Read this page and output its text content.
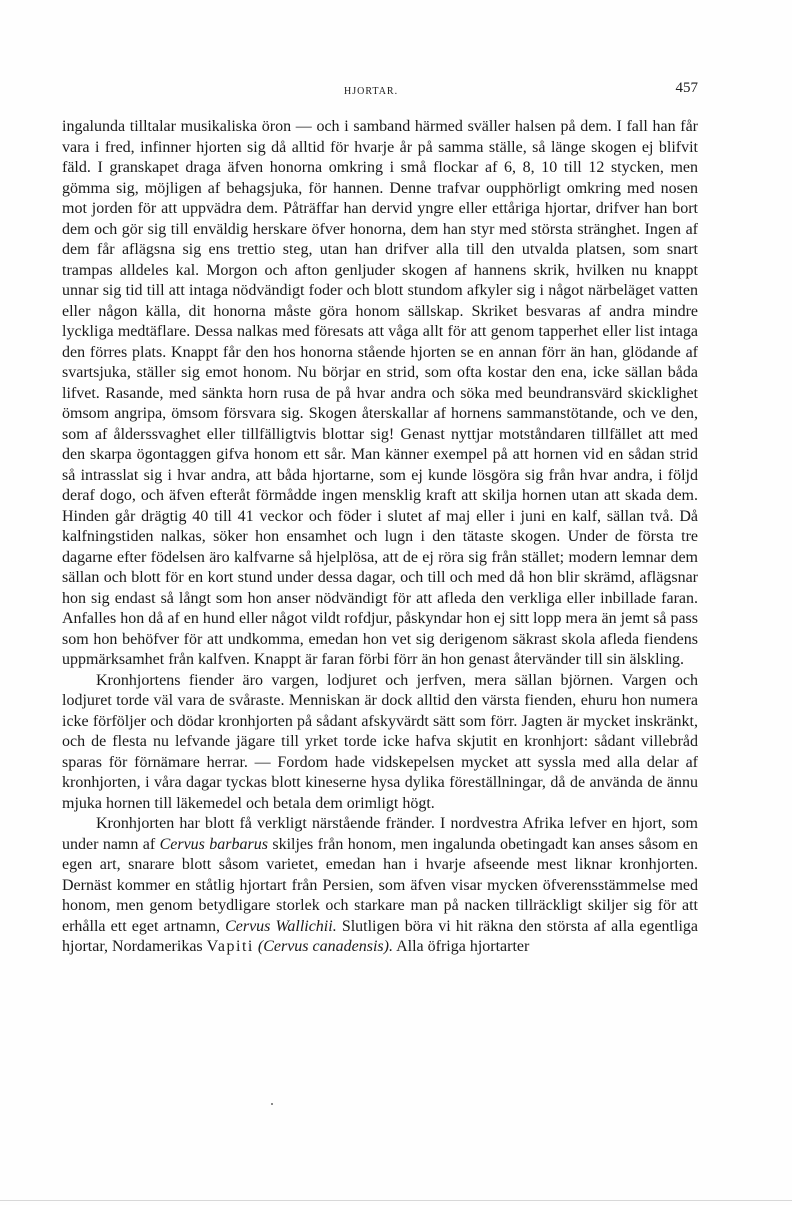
HJORTAR.	457

ingalunda tilltalar musikaliska öron — och i samband härmed sväller halsen på dem. I fall han får vara i fred, infinner hjorten sig då alltid för hvarje år på samma ställe, så länge skogen ej blifvit fäld. I granskapet draga äfven honorna omkring i små flockar af 6, 8, 10 till 12 stycken, men gömma sig, möjligen af behagsjuka, för hannen. Denne trafvar oupphörligt omkring med nosen mot jorden för att uppvädra dem. Påträffar han dervid yngre eller ettåriga hjortar, drifver han bort dem och gör sig till enväldig herskare öfver honorna, dem han styr med största stränghet. Ingen af dem får aflägsna sig ens trettio steg, utan han drifver alla till den utvalda platsen, som snart trampas alldeles kal. Morgon och afton genljuder skogen af hannens skrik, hvilken nu knappt unnar sig tid till att intaga nödvändigt foder och blott stundom afkyler sig i något närbeläget vatten eller någon källa, dit honorna måste göra honom sällskap. Skriket besvaras af andra mindre lyckliga medtäflare. Dessa nalkas med föresats att våga allt för att genom tapperhet eller list intaga den förres plats. Knappt får den hos honorna stående hjorten se en annan förr än han, glödande af svartsjuka, ställer sig emot honom. Nu börjar en strid, som ofta kostar den ena, icke sällan båda lifvet. Rasande, med sänkta horn rusa de på hvar andra och söka med beundransvärd skicklighet ömsom angripa, ömsom försvara sig. Skogen återskallar af hornens sammanstötande, och ve den, som af ålderssvaghet eller tillfälligtvis blottar sig! Genast nyttjar motståndaren tillfället att med den skarpa ögontaggen gifva honom ett sår. Man känner exempel på att hornen vid en sådan strid så intrasslat sig i hvar andra, att båda hjortarne, som ej kunde lösgöra sig från hvar andra, i följd deraf dogo, och äfven efteråt förmådde ingen mensklig kraft att skilja hornen utan att skada dem. Hinden går drägtig 40 till 41 veckor och föder i slutet af maj eller i juni en kalf, sällan två. Då kalfningstiden nalkas, söker hon ensamhet och lugn i den tätaste skogen. Under de första tre dagarne efter födelsen äro kalfvarne så hjelplösa, att de ej röra sig från stället; modern lemnar dem sällan och blott för en kort stund under dessa dagar, och till och med då hon blir skrämd, aflägsnar hon sig endast så långt som hon anser nödvändigt för att afleda den verkliga eller inbillade faran. Anfalles hon då af en hund eller något vildt rofdjur, påskyndar hon ej sitt lopp mera än jemt så pass som hon behöfver för att undkomma, emedan hon vet sig derigenom säkrast skola afleda fiendens uppmärksamhet från kalfven. Knappt är faran förbi förr än hon genast återvänder till sin älskling.

Kronhjortens fiender äro vargen, lodjuret och jerfven, mera sällan björnen. Vargen och lodjuret torde väl vara de svåraste. Menniskan är dock alltid den värsta fienden, ehuru hon numera icke förföljer och dödar kronhjorten på sådant afskyvärdt sätt som förr. Jagten är mycket inskränkt, och de flesta nu lefvande jägare till yrket torde icke hafva skjutit en kronhjort: sådant villebråd sparas för förnämare herrar. — Fordom hade vidskepelsen mycket att syssla med alla delar af kronhjorten, i våra dagar tyckas blott kineserne hysa dylika föreställningar, då de använda de ännu mjuka hornen till läkemedel och betala dem orimligt högt.

Kronhjorten har blott få verkligt närstående fränder. I nordvestra Afrika lefver en hjort, som under namn af Cervus barbarus skiljes från honom, men ingalunda obetingadt kan anses såsom en egen art, snarare blott såsom varietet, emedan han i hvarje afseende mest liknar kronhjorten. Dernäst kommer en ståtlig hjortart från Persien, som äfven visar mycken öfverensstämmelse med honom, men genom betydligare storlek och starkare man på nacken tillräckligt skiljer sig för att erhålla ett eget artnamn, Cervus Wallichii. Slutligen böra vi hit räkna den största af alla egentliga hjortar, Nordamerikas Vapiti (Cervus canadensis). Alla öfriga hjortarter
